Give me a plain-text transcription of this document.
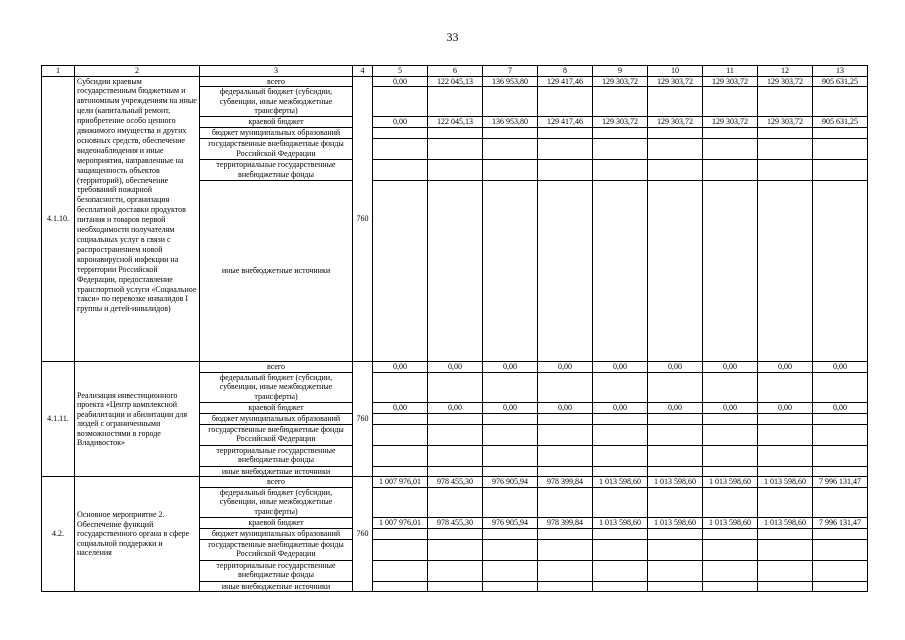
33
1	2	3	4	5	6	7	8	9	10	11	12	13
4.1.10.	Субсидии краевым государственным бюджетным и автономным учреждениям на иные цели (капитальный ремонт, приобретение особо ценного движимого имущества и других основных средств, обеспечение видеонаблюдения и иные мероприятия, направленные на защищенность объектов (территорий), обеспечение требований пожарной безопасности, организация бесплатной доставки продуктов питания и товаров первой необходимости получателям социальных услуг в связи с распространением новой коронавирусной инфекции на территории Российской Федерации, предоставление транспортной услуги «Социальное такси» по перевозке инвалидов I группы и детей-инвалидов)	всего	760	0,00	122 045,13	136 953,80	129 417,46	129 303,72	129 303,72	129 303,72	129 303,72	905 631,25
		федеральный бюджет (субсидии, субвенции, иные межбюджетные трансферты)										
		краевой бюджет		0,00	122 045,13	136 953,80	129 417,46	129 303,72	129 303,72	129 303,72	129 303,72	905 631,25
		бюджет муниципальных образований										
		государственные внебюджетные фонды Российской Федерации										
		территориальные государственные внебюджетные фонды										
		иные внебюджетные источники										
4.1.11.	Реализация инвестиционного проекта «Центр комплексной реабилитации и абилитации для людей с ограниченными возможностями в городе Владивосток»	всего	760	0,00	0,00	0,00	0,00	0,00	0,00	0,00	0,00	0,00
		федеральный бюджет (субсидии, субвенции, иные межбюджетные трансферты)										
		краевой бюджет		0,00	0,00	0,00	0,00	0,00	0,00	0,00	0,00	0,00
		бюджет муниципальных образований										
		государственные внебюджетные фонды Российской Федерации										
		территориальные государственные внебюджетные фонды										
		иные внебюджетные источники										
4.2.	Основное мероприятие 2. Обеспечение функций государственного органа в сфере социальной поддержки и населения	всего	760	1 007 976,01	978 455,30	976 905,94	978 399,84	1 013 598,60	1 013 598,60	1 013 598,60	1 013 598,60	7 996 131,47
		федеральный бюджет (субсидии, субвенции, иные межбюджетные трансферты)										
		краевой бюджет		1 007 976,01	978 455,30	976 905,94	978 399,84	1 013 598,60	1 013 598,60	1 013 598,60	1 013 598,60	7 996 131,47
		бюджет муниципальных образований										
		государственные внебюджетные фонды Российской Федерации										
		территориальные государственные внебюджетные фонды										
		иные внебюджетные источники										
